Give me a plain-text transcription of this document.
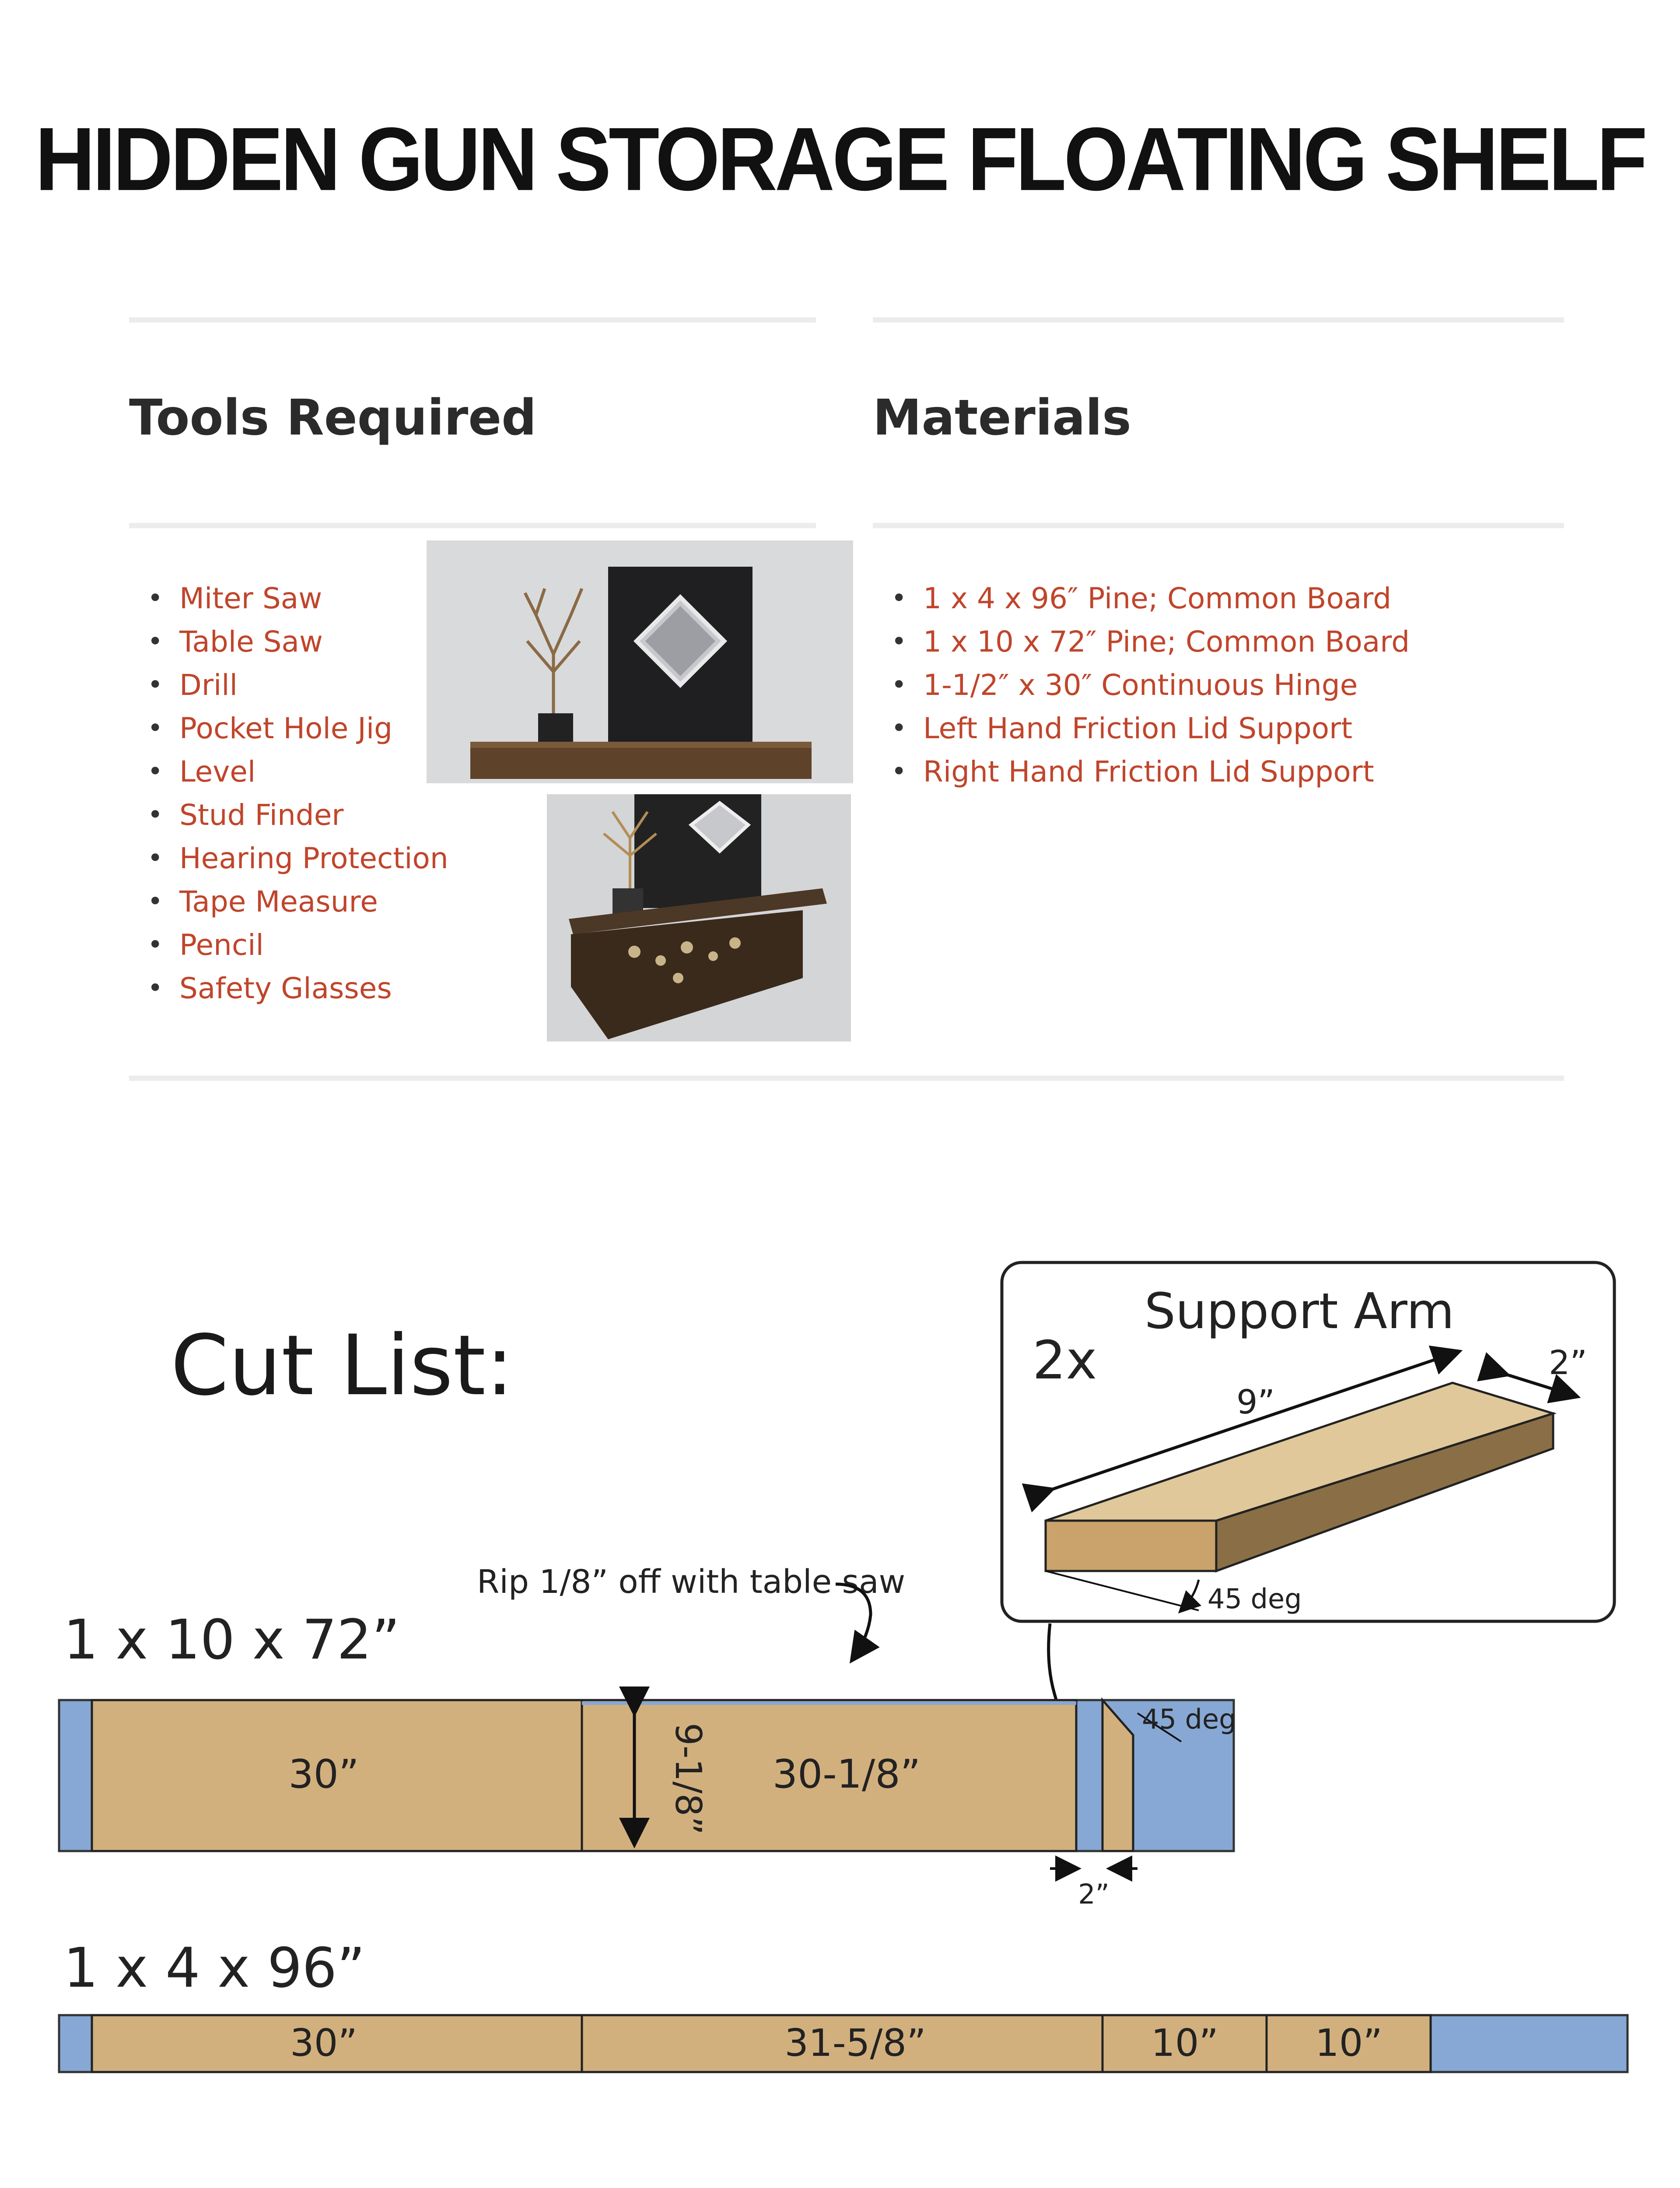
HIDDEN GUN STORAGE FLOATING SHELF
Tools Required	Materials
• Miter Saw
• Table Saw
• Drill
• Pocket Hole Jig
• Level
• Stud Finder
• Hearing Protection
• Tape Measure
• Pencil
• Safety Glasses
• 1 x 4 x 96″ Pine; Common Board
• 1 x 10 x 72″ Pine; Common Board
• 1-1/2″ x 30″ Continuous Hinge
• Left Hand Friction Lid Support
• Right Hand Friction Lid Support
Cut List:
Support Arm
2x
9”
2”
45 deg
1 x 10 x 72”
Rip 1/8” off with table saw
30”	30-1/8”
9-1/8”
45 deg
2”
1 x 4 x 96”
30”	31-5/8”	10”	10”
